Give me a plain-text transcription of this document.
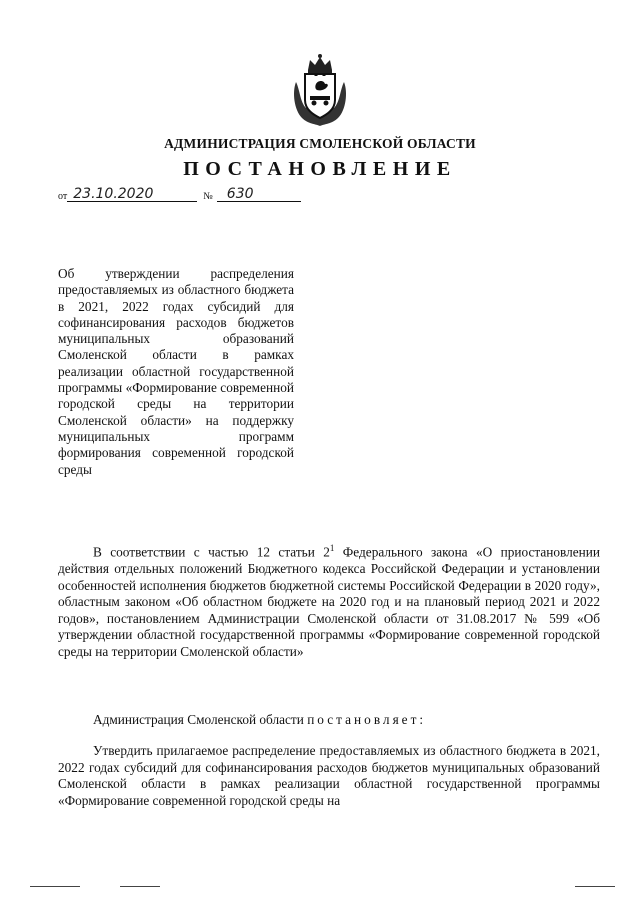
АДМИНИСТРАЦИЯ СМОЛЕНСКОЙ ОБЛАСТИ
ПОСТАНОВЛЕНИЕ
от 23.10.2020	№	630
Об утверждении распределения предоставляемых из областного бюджета в 2021, 2022 годах субсидий для софинансирования расходов бюджетов муниципальных образований Смоленской области в рамках реализации областной государственной программы «Формирование современной городской среды на территории Смоленской области» на поддержку муниципальных программ формирования современной городской среды

В соответствии с частью 12 статьи $2^1$ Федерального закона «О приостановлении действия отдельных положений Бюджетного кодекса Российской Федерации и установлении особенностей исполнения бюджетов бюджетной системы Российской Федерации в 2020 году», областным законом «Об областном бюджете на 2020 год и на плановый период 2021 и 2022 годов», постановлением Администрации Смоленской области от 31.08.2017 № 599 «Об утверждении областной государственной программы «Формирование современной городской среды на территории Смоленской области»

Администрация Смоленской области постановляет:

Утвердить прилагаемое распределение предоставляемых из областного бюджета в 2021, 2022 годах субсидий для софинансирования расходов бюджетов муниципальных образований Смоленской области в рамках реализации областной государственной программы «Формирование современной городской среды на
